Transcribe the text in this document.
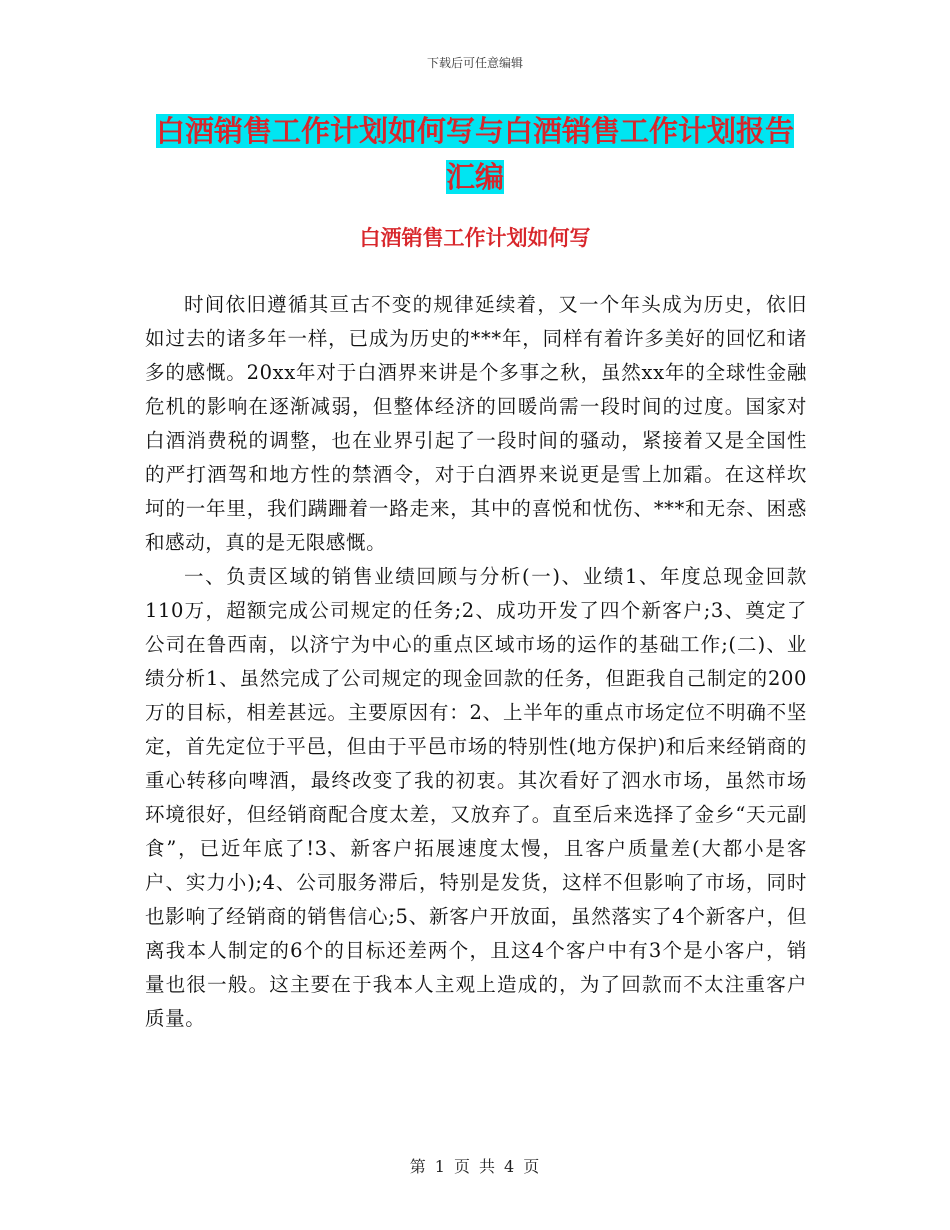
下载后可任意编辑
白酒销售工作计划如何写与白酒销售工作计划报告汇编
白酒销售工作计划如何写

时间依旧遵循其亘古不变的规律延续着，又一个年头成为历史，依旧如过去的诸多年一样，已成为历史的***年，同样有着许多美好的回忆和诸多的感慨。20xx年对于白酒界来讲是个多事之秋，虽然xx年的全球性金融危机的影响在逐渐减弱，但整体经济的回暖尚需一段时间的过度。国家对白酒消费税的调整，也在业界引起了一段时间的骚动，紧接着又是全国性的严打酒驾和地方性的禁酒令，对于白酒界来说更是雪上加霜。在这样坎坷的一年里，我们蹒跚着一路走来，其中的喜悦和忧伤、***和无奈、困惑和感动，真的是无限感慨。

一、负责区域的销售业绩回顾与分析(一)、业绩1、年度总现金回款110万，超额完成公司规定的任务;2、成功开发了四个新客户;3、奠定了公司在鲁西南，以济宁为中心的重点区域市场的运作的基础工作;(二)、业绩分析1、虽然完成了公司规定的现金回款的任务，但距我自己制定的200万的目标，相差甚远。主要原因有：2、上半年的重点市场定位不明确不坚定，首先定位于平邑，但由于平邑市场的特别性(地方保护)和后来经销商的重心转移向啤酒，最终改变了我的初衷。其次看好了泗水市场，虽然市场环境很好，但经销商配合度太差，又放弃了。直至后来选择了金乡“天元副食”，已近年底了!3、新客户拓展速度太慢，且客户质量差(大都小是客户、实力小);4、公司服务滞后，特别是发货，这样不但影响了市场，同时也影响了经销商的销售信心;5、新客户开放面，虽然落实了4个新客户，但离我本人制定的6个的目标还差两个，且这4个客户中有3个是小客户，销量也很一般。这主要在于我本人主观上造成的，为了回款而不太注重客户质量。

第 1 页 共 4 页
